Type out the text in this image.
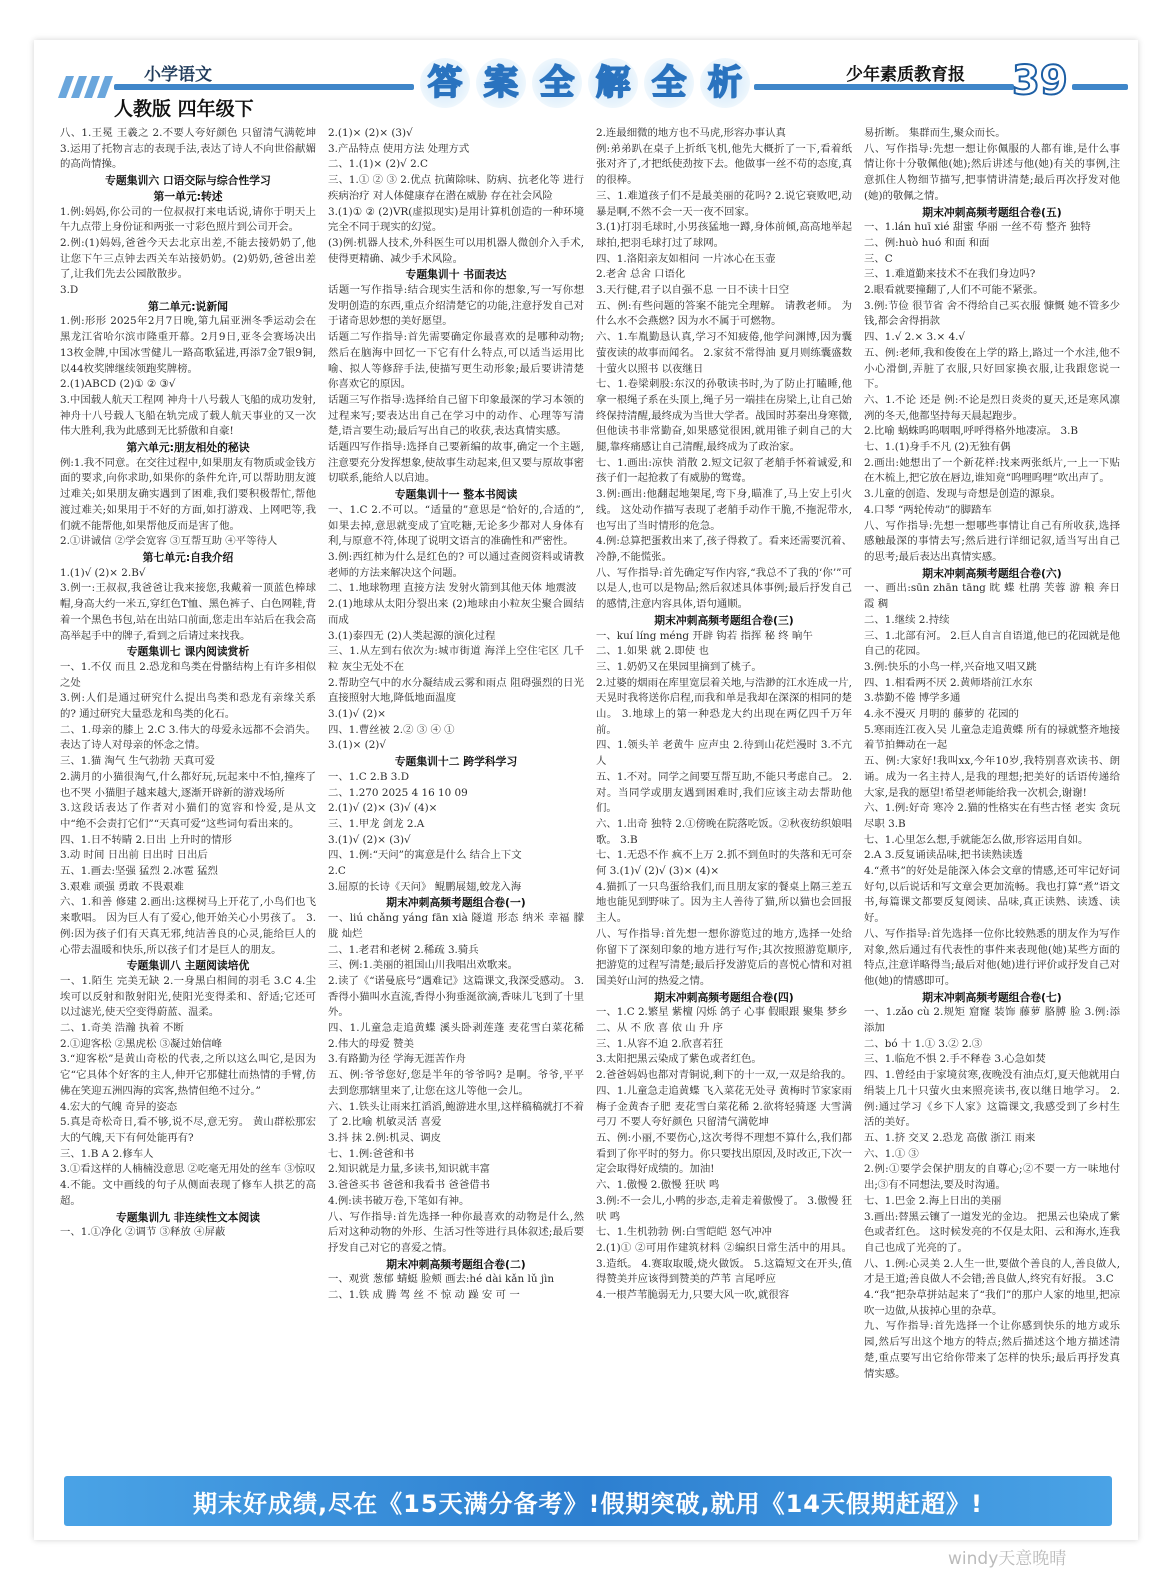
小学语文
人教版 四年级下
答 案 全 解 全 析	少年素质教育报 39

八、1.王冕 王羲之 2.不要人夸好颜色 只留清气满乾坤 3.运用了托物言志的表现手法,表达了诗人不向世俗献媚的高尚情操。

专题集训六 口语交际与综合性学习
第一单元:转述

1.例:妈妈,你公司的一位叔叔打来电话说,请你于明天上午九点带上身份证和两张一寸彩色照片到公司开会。

2.例:(1)妈妈,爸爸今天去北京出差,不能去接奶奶了,他让您下午三点钟去西关车站接奶奶。(2)奶奶,爸爸出差了,让我们先去公园散散步。

3.D

第二单元:说新闻

1.例:形形 2025年2月7日晚,第九届亚洲冬季运动会在黑龙江省哈尔滨市隆重开幕。2月9日,亚冬会赛场决出13枚金牌,中国冰雪健儿一路高歌猛进,再添7金7银9铜,以44枚奖牌继续领跑奖牌榜。

2.(1)ABCD (2)① ② ③√

3.中国载人航天工程网 神舟十八号载人飞船的成功发射,神舟十八号载人飞船在轨完成了载人航天事业的又一次伟大胜利,我为此感到无比骄傲和自豪!

第六单元:朋友相处的秘诀

例:1.我不同意。在交往过程中,如果朋友有物质或金钱方面的要求,向你求助,如果你的条件允许,可以帮助朋友渡过难关;如果朋友确实遇到了困难,我们要积极帮忙,帮他渡过难关;如果用于不好的方面,如打游戏、上网吧等,我们就不能帮他,如果帮他反而是害了他。

2.①讲诚信 ②学会宽容 ③互帮互助 ④平等待人

第七单元:自我介绍

1.(1)√ (2)× 2.B√

3.例一:王叔叔,我爸爸让我来接您,我戴着一顶蓝色棒球帽,身高大约一米五,穿红色T恤、黑色裤子、白色网鞋,背着一个黑色书包,站在出站口前面,您走出车站后在我会高高举起手中的牌子,看到之后请过来找我。

专题集训七 课内阅读赏析

一、1.不仅 而且 2.恐龙和鸟类在骨骼结构上有许多相似之处

3.例:人们是通过研究什么提出鸟类和恐龙有亲缘关系的? 通过研究大量恐龙和鸟类的化石。

二、1.母亲的膝上 2.C 3.伟大的母爱永远都不会消失。表达了诗人对母亲的怀念之情。

三、1.猫 淘气 生气勃勃 天真可爱

2.满月的小猫很淘气,什么都好玩,玩起来中不怕,撞疼了也不哭 小猫胆子越来越大,逐渐开辟新的游戏场所

3.这段话表达了作者对小猫们的宽容和怜爱,是从文中“绝不会责打它们”“天真可爱”这些词句看出来的。

四、1.日不转睛 2.日出 上升时的情形

3.动 时间 日出前 日出时 日出后

五、1.画去:坚强 猛烈 2.冰雹 猛烈

3.艰难 顽强 勇敢 不畏艰难

六、1.和善 修建 2.画出:这棵树马上开花了,小鸟们也飞来歌唱。 因为巨人有了爱心,他开始关心小男孩了。 3.例:因为孩子们有天真无邪,纯洁善良的心灵,能给巨人的心带去温暖和快乐,所以孩子们才是巨人的朋友。

专题集训八 主题阅读培优

一、1.陌生 完美无缺 2.一身黑白相间的羽毛 3.C 4.尘埃可以反射和散射阳光,使阳光变得柔和、舒适;它还可以过滤光,使天空变得蔚蓝、温柔。

二、1.奇美 浩瀚 执着 不断

2.①迎客松 ②黑虎松 ③凝过始信峰

3.“迎客松”是黄山奇松的代表,之所以这么叫它,是因为它“它具体个好客的主人,伸开它那健壮而热情的手臂,仿佛在笑迎五洲四海的宾客,热情但绝不过分。”

4.宏大的气魄 奇异的姿态

5.真是奇松奇日,看不够,说不尽,意无穷。 黄山群松那宏大的气魄,天下有何处能再有?

三、1.B A 2.修车人

3.①看这样的人楠楠没意思 ②吃毫无用处的丝车 ③惊叹

4.不能。文中画线的句子从侧面表现了修车人拱艺的高超。

专题集训九 非连续性文本阅读

一、1.①净化 ②调节 ③释放 ④屏蔽

2.(1)× (2)× (3)√

3.产品特点 使用方法 处理方式

二、1.(1)× (2)√ 2.C

三、1.① ② ③ 2.优点 抗菌除味、防病、抗老化等 进行疾病治疗 对人体健康存在潜在威胁 存在社会风险

3.(1)① ② (2)VR(虚拟现实)是用计算机创造的一种环境完全不同于现实的幻觉。

(3)例:机器人技术,外科医生可以用机器人微创介入手术,使得更精确、减少手术风险。

专题集训十 书面表达

话题一写作指导:结合现实生活和你的想象,写一写你想发明创造的东西,重点介绍清楚它的功能,注意抒发自己对于诸奇思妙想的美好愿望。

话题二写作指导:首先需要确定你最喜欢的是哪种动物;然后在脑海中回忆一下它有什么特点,可以适当运用比喻、拟人等修辞手法,使描写更生动形象;最后要讲清楚你喜欢它的原因。

话题三写作指导:选择给自己留下印象最深的学习本领的过程来写;要表达出自己在学习中的动作、心理等写清楚,语言要生动;最后写出自己的收获,表达真情实感。

话题四写作指导:选择自己要新编的故事,确定一个主题,注意要充分发挥想象,使故事生动起来,但又要与原故事密切联系,能给人以启迪。

专题集训十一 整本书阅读

一、1.C 2.不可以。“适量的”意思是“恰好的,合适的”,如果去掉,意思就变成了宜吃糖,无论多少都对人身体有利,与原意不符,体现了说明文语言的准确性和严密性。

3.例:西红柿为什么是红色的? 可以通过查阅资料或请教老师的方法来解决这个问题。

二、1.地球物理 直接方法 发射火箭到其他天体 地震波

2.(1)地球从太阳分裂出来 (2)地球由小粒灰尘聚合圆结而成

3.(1)泰四无 (2)人类起源的演化过程

三、1.从左到右依次为:城市街道 海洋上空住宅区 几千粒 灰尘无处不在

2.帮助空气中的水分凝结成云雾和雨点 阻碍强烈的日光直接照射大地,降低地面温度

3.(1)√ (2)×

四、1.曹丝被 2.② ③ ④ ①

3.(1)× (2)√

专题集训十二 跨学科学习

一、1.C 2.B 3.D

二、1.270 2025 4 16 10 09

2.(1)√ (2)× (3)√ (4)×

三、1.甲龙 剑龙 2.A

3.(1)√ (2)× (3)√

四、1.例:“天问”的寓意是什么 结合上下文

2.C

3.屈原的长诗《天问》 鲲鹏展翅,蛟龙入海

期末冲刺高频考题组合卷(一)

一、liú chǎng yáng fān xià 隧道 形态 纳米 幸福 朦胧 灿烂

二、1.老君和老树 2.稀疏 3.骑兵

三、例:1.美丽的祖国山川我唱出欢歌来。

2.读了《“诺曼底号”遇难记》这篇课文,我深受感动。 3.香得小猫叫水直流,香得小狗垂涎欲滴,香味儿飞到了十里外。

四、1.儿童急走追黄蝶 溪头卧剥莲蓬 麦花雪白菜花稀 2.伟大的母爱 赞美

3.有路勤为径 学海无涯苦作舟

五、例:爷爷您好,您是半年的爷爷吗? 是啊。爷爷,平平去到您那辖里来了,让您在这儿等他一会儿。

六、1.铁头让雨来扛滔滔,鲍游进水里,这样稿稿就打不着了 2.比喻 机敏灵活 喜爱

3.抖 抹 2.例:机灵、调皮

七、1.例:爸爸和书

2.知识就是力量,多读书,知识就丰富

3.爸爸买书 爸爸和我看书 爸爸借书

4.例:读书破万卷,下笔如有神。

八、写作指导:首先选择一种你最喜欢的动物是什么,然后对这种动物的外形、生活习性等进行具体叙述;最后要抒发自己对它的喜爱之情。

期末冲刺高频考题组合卷(二)

一、观赏 葱郁 蜻蜓 脸颊 画去:hé dài kǎn lǔ jìn

二、1.铁 成 腾 驾 丝 不 惊 动 躁 安 可 一

2.连最细微的地方也不马虎,形容办事认真

例:弟弟趴在桌子上折纸飞机,他先大概折了一下,看着纸张对齐了,才把纸使劲按下去。他做事一丝不苟的态度,真的很棒。

三、1.难道孩子们不是最美丽的花吗? 2.说它衰败吧,动暴是啊,不然不会一天一夜不回家。

3.(1)打羽毛球时,小男孩猛地一蹲,身体前倾,高高地举起球拍,把羽毛球打过了球网。

四、1.洛阳亲友如相问 一片冰心在玉壶

2.老舍 总舍 口语化

3.天行健,君子以自强不息 一日不读十日空

五、例:有些问题的答案不能完全理解。 请教老师。 为什么水不会燕燃? 因为水不属于可燃物。

六、1.车胤勤恳认真,学习不知疲倦,他学问渊博,因为囊萤夜读的故事而闻名。 2.家贫不常得油 夏月则练囊盛数十萤火以照书 以夜继日

七、1.卷梁刺股:东汉的孙敬读书时,为了防止打瞌睡,他拿一根绳子系在头顶上,绳子另一端挂在房梁上,让自己始终保持清醒,最终成为当世大学者。战国时苏秦出身寒微,但他读书非常勤奋,如果感觉很困,就用锥子刺自己的大腿,靠疼痛感让自己清醒,最终成为了政治家。

七、1.画出:凉快 消散 2.短文记叙了老艄手怀着诚爱,和孩子们一起抢救了有威胁的鸳鸯。

3.例:画出:他翻起地架尾,弯下身,瞄准了,马上安上引火线。 这处动作描写表现了老艄手动作干脆,不拖泥带水,也写出了当时情形的危急。

4.例:总算把蛋救出来了,孩子得救了。看来还需要沉着、冷静,不能慌张。

八、写作指导:首先确定写作内容,“我总不了我的‘你’”可以是人,也可以是物品;然后叙述具体事例;最后抒发自己的感情,注意内容具体,语句通顺。

期末冲刺高频考题组合卷(三)

一、kuí líng méng 开辟 钩若 指挥 秘 终 晌午

二、1.如果 就 2.即使 也

三、1.奶奶又在果园里摘到了桃子。

2.过婆的烟雨在库里宽层着关地,与浩渺的江水连成一片,天晃时我将送你启程,而我和单是我却在深深的相同的楚山。 3.地球上的第一种恐龙大约出现在两亿四千万年前。

四、1.领头羊 老黄牛 应声虫 2.待到山花烂漫时 3.不亢人

五、1.不对。同学之间要互帮互助,不能只考虑自己。 2.对。当同学或朋友遇到困难时,我们应该主动去帮助他们。

六、1.出奇 独特 2.①傍晚在院落吃饭。②秋夜纺织娘唱歌。 3.B

七、1.无恐不作 疯不上万 2.抓不到鱼时的失落和无可奈何 3.(1)√ (2)√ (3)× (4)×

4.猫抓了一只鸟蛋给我们,而且朋友家的餐桌上隔三差五地也能见到野味了。因为主人善待了猫,所以猫也会回报主人。

八、写作指导:首先想一想你游览过的地方,选择一处给你留下了深刻印象的地方进行写作;其次按照游览顺序,把游览的过程写清楚;最后抒发游览后的喜悦心情和对祖国美好山河的热爱之情。

期末冲刺高频考题组合卷(四)

一、1.C 2.繁星 紫檀 闪烁 鸽子 心事 假眼跟 聚集 梦乡

二、从 不 欣 喜 依 山 升 序

三、1.从容不迫 2.欣喜若狂

3.太阳把黑云染成了紫色或者红色。

2.爸爸妈妈也都对青铜说,剩下的十一双,一双是给我的。

四、1.儿童急走追黄蝶 飞入菜花无处寻 黄梅时节家家雨 梅子金黄杏子肥 麦花雪白菜花稀 2.欲将轻骑逐 大雪满弓刀 不要人夸好颜色 只留清气满乾坤

五、例:小丽,不要伤心,这次考得不理想不算什么,我们都看到了你平时的努力。你只要找出原因,及时改正,下次一定会取得好成绩的。加油!

六、1.傲慢 2.傲慢 狂吠 鸣

3.例:不一会儿,小鸭的步态,走着走着傲慢了。 3.傲慢 狂吠 鸣

七、1.生机勃勃 例:白雪皑皑 怒气冲冲

2.(1)① ②可用作建筑材料 ②编织日常生活中的用具。 3.造纸。 4.赛取取暖,烧火做饭。 5.这篇短文在开头,值得赞美并应该得到赞美的芦苇 言尾呼应

4.一根芦苇脆弱无力,只要大风一吹,就很容

易折断。 集群而生,聚众而长。

八、写作指导:先想一想让你佩服的人都有谁,是什么事情让你十分敬佩他(她);然后讲述与他(她)有关的事例,注意抓住人物细节描写,把事情讲清楚;最后再次抒发对他(她)的敬佩之情。

期末冲刺高频考题组合卷(五)

一、1.lán huī xié 甜蜜 华丽 一丝不苟 整齐 独特

二、例:huò huó 和面 和面

三、C

三、1.难道勤来技术不在我们身边吗?

2.眼看就要撞翻了,人们不可能不紧张。

3.例:节俭 很节省 舍不得给自己买衣服 慷慨 她不管多少钱,都会舍得捐款

四、1.√ 2.× 3.× 4.√

五、例:老师,我和俊俊在上学的路上,路过一个水洼,他不小心滑倒,弄脏了衣服,只好回家换衣服,让我跟您说一下。

六、1.不论 还是 例:不论是烈日炎炎的夏天,还是寒风凛冽的冬天,他都坚持每天晨起跑步。

2.比喻 蜗蛛呜呜咽咽,呼呼得格外地凄凉。 3.B

七、1.(1)身手不凡 (2)无独有偶

2.画出:她想出了一个新花样:找来两张纸片,一上一下贴在木梳上,把它放在唇边,谁知竟“呜哩呜哩”吹出声了。

3.儿童的创造、发现与奇想是创造的源泉。

4.口琴 “两轮传动”的脚踏车

八、写作指导:先想一想哪些事情让自己有所收获,选择感触最深的事情去写;然后进行详细记叙,适当写出自己的思考;最后表达出真情实感。

期末冲刺高频考题组合卷(六)

一、画出:sūn zhān tāng 眈 蝶 杜鹃 芙蓉 游 粮 奔日 霞 稠

二、1.继续 2.持续

三、1.北部有河。 2.巨人自言自语道,他已的花园就是他自己的花园。

3.例:快乐的小鸟一样,兴奋地又唱又跳

四、1.相看两不厌 2.黄师塔前江水东

3.恭勤不倦 博学多通

4.永不漫灭 月明的 藤萝的 花园的

5.寒雨连江夜入吴 儿童急走追黄蝶 所有的禄就整齐地接着节拍舞动在一起

五、例:大家好!我叫xx,今年10岁,我特别喜欢读书、朗诵。成为一名主持人,是我的理想;把美好的话语传递给大家,是我的愿望!希望老师能给我一次机会,谢谢!

六、1.例:好奇 寒冷 2.猫的性格实在有些古怪 老实 贪玩 尽职 3.B

七、1.心里怎么想,手就能怎么做,形容运用自如。

2.A 3.反复诵读品味,把书读熟读透

4.“煮书”的好处是能深入体会文章的情感,还可牢记好词好句,以后说话和写文章会更加流畅。我也打算“煮”语文书,每篇课文都要反复阅读、品味,真正读熟、读透、读好。

八、写作指导:首先选择一位你比较熟悉的朋友作为写作对象,然后通过有代表性的事件来表现他(她)某些方面的特点,注意详略得当;最后对他(她)进行评价或抒发自己对他(她)的情感即可。

期末冲刺高频考题组合卷(七)

一、1.zǎo cù 2.规矩 窟窿 装饰 藤萝 胳膊 脸 3.例:添 添加

二、bó 十 1.① 3.② 2.③

三、1.临危不惧 2.手不释卷 3.心急如焚

四、1.曾经由于家境贫寒,夜晚没有油点灯,夏天他就用白绢装上几十只萤火虫来照亮读书,夜以继日地学习。 2.例:通过学习《乡下人家》这篇课文,我感受到了乡村生活的美好。

五、1.挤 交叉 2.恐龙 高傲 浙江 雨来

六、1.① ③

2.例:①要学会保护朋友的自尊心;②不要一方一味地付出;③有不同想法,要及时沟通。

七、1.巴金 2.海上日出的美丽

3.画出:替黑云镶了一道发光的金边。 把黑云也染成了紫色或者红色。 这时候发亮的不仅是太阳、云和海水,连我自己也成了光亮的了。

八、1.例:心灵美 2.人生一世,要做个善良的人,善良做人,才是王道;善良做人不会错;善良做人,终究有好报。 3.C

4.“我”把杂草拼站起来了“我们”的那户人家的地里,把凉吹一边做,从拔掉心里的杂草。

九、写作指导:首先选择一个让你感到快乐的地方或乐园,然后写出这个地方的特点;然后描述这个地方描述清楚,重点要写出它给你带来了怎样的快乐;最后再抒发真情实感。

期末好成绩,尽在《15天满分备考》!假期突破,就用《14天假期赶超》!
windy天意晚晴
